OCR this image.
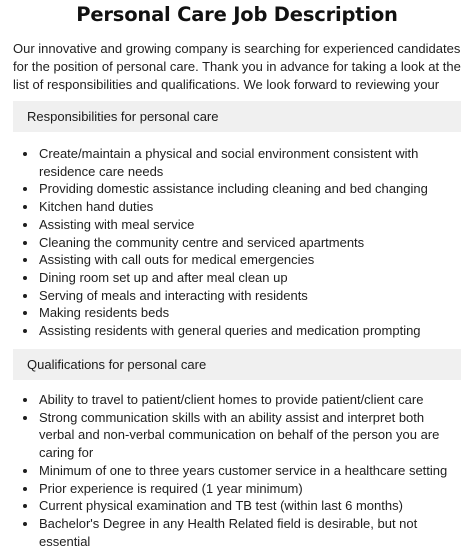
Personal Care Job Description

Our innovative and growing company is searching for experienced candidates for the position of personal care. Thank you in advance for taking a look at the list of responsibilities and qualifications. We look forward to reviewing your

Responsibilities for personal care
Create/maintain a physical and social environment consistent with residence care needs
Providing domestic assistance including cleaning and bed changing
Kitchen hand duties
Assisting with meal service
Cleaning the community centre and serviced apartments
Assisting with call outs for medical emergencies
Dining room set up and after meal clean up
Serving of meals and interacting with residents
Making residents beds
Assisting residents with general queries and medication prompting
Qualifications for personal care
Ability to travel to patient/client homes to provide patient/client care
Strong communication skills with an ability assist and interpret both verbal and non-verbal communication on behalf of the person you are caring for
Minimum of one to three years customer service in a healthcare setting
Prior experience is required (1 year minimum)
Current physical examination and TB test (within last 6 months)
Bachelor's Degree in any Health Related field is desirable, but not essential
